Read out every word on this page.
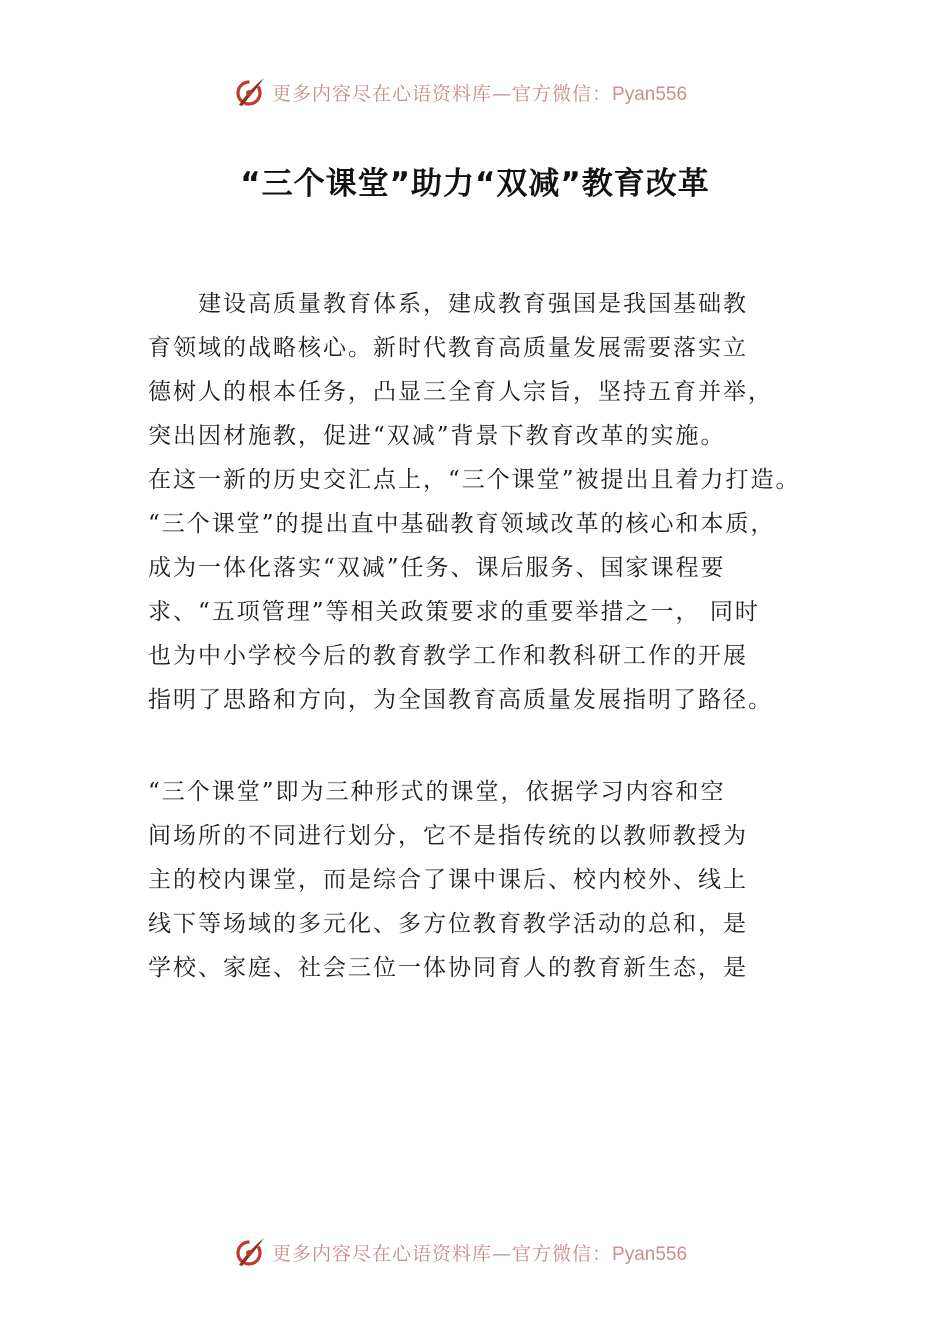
更多内容尽在心语资料库—官方微信：Pyan556
“三个课堂”助力“双减”教育改革
　　建设高质量教育体系，建成教育强国是我国基础教
育领域的战略核心。新时代教育高质量发展需要落实立
德树人的根本任务，凸显三全育人宗旨，坚持五育并举，
突出因材施教，促进“双减”背景下教育改革的实施。
在这一新的历史交汇点上，“三个课堂”被提出且着力打造。
“三个课堂”的提出直中基础教育领域改革的核心和本质，
成为一体化落实“双减”任务、课后服务、国家课程要
求、“五项管理”等相关政策要求的重要举措之一， 同时
也为中小学校今后的教育教学工作和教科研工作的开展
指明了思路和方向，为全国教育高质量发展指明了路径。
“三个课堂”即为三种形式的课堂，依据学习内容和空
间场所的不同进行划分，它不是指传统的以教师教授为
主的校内课堂，而是综合了课中课后、校内校外、线上
线下等场域的多元化、多方位教育教学活动的总和，是
学校、家庭、社会三位一体协同育人的教育新生态，是
更多内容尽在心语资料库—官方微信：Pyan556
